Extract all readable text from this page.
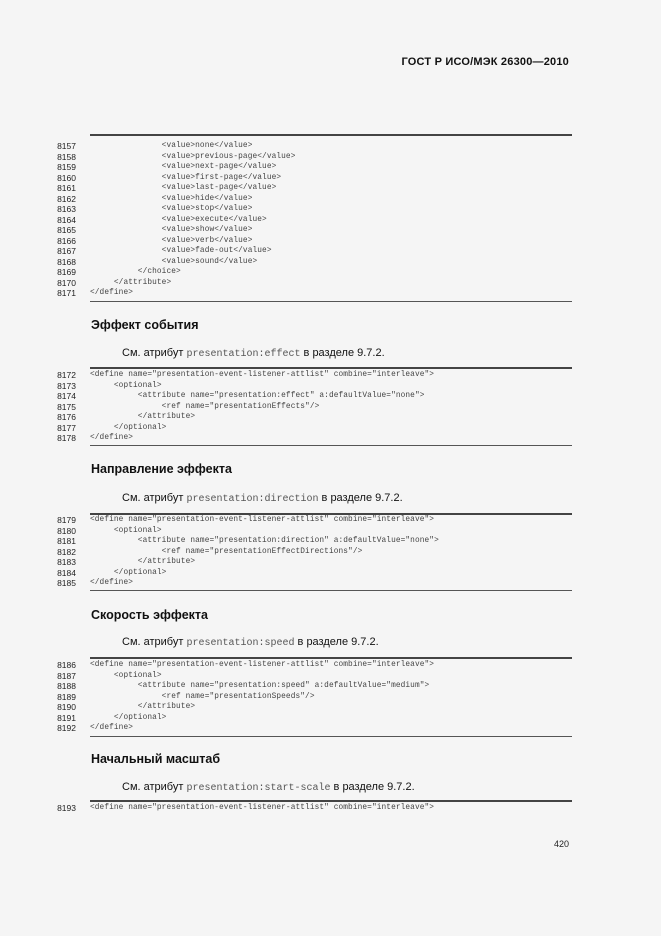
ГОСТ Р ИСО/МЭК 26300—2010
8157 <value>none</value>
8158 <value>previous-page</value>
8159 <value>next-page</value>
8160 <value>first-page</value>
8161 <value>last-page</value>
8162 <value>hide</value>
8163 <value>stop</value>
8164 <value>execute</value>
8165 <value>show</value>
8166 <value>verb</value>
8167 <value>fade-out</value>
8168 <value>sound</value>
8169 </choice>
8170 </attribute>
8171 </define>
Эффект события
См. атрибут presentation:effect в разделе 9.7.2.
8172 <define name="presentation-event-listener-attlist" combine="interleave">
8173 <optional>
8174 <attribute name="presentation:effect" a:defaultValue="none">
8175 <ref name="presentationEffects"/>
8176 </attribute>
8177 </optional>
8178 </define>
Направление эффекта
См. атрибут presentation:direction в разделе 9.7.2.
8179 <define name="presentation-event-listener-attlist" combine="interleave">
8180 <optional>
8181 <attribute name="presentation:direction" a:defaultValue="none">
8182 <ref name="presentationEffectDirections"/>
8183 </attribute>
8184 </optional>
8185 </define>
Скорость эффекта
См. атрибут presentation:speed в разделе 9.7.2.
8186 <define name="presentation-event-listener-attlist" combine="interleave">
8187 <optional>
8188 <attribute name="presentation:speed" a:defaultValue="medium">
8189 <ref name="presentationSpeeds"/>
8190 </attribute>
8191 </optional>
8192 </define>
Начальный масштаб
См. атрибут presentation:start-scale в разделе 9.7.2.
8193 <define name="presentation-event-listener-attlist" combine="interleave">
420
